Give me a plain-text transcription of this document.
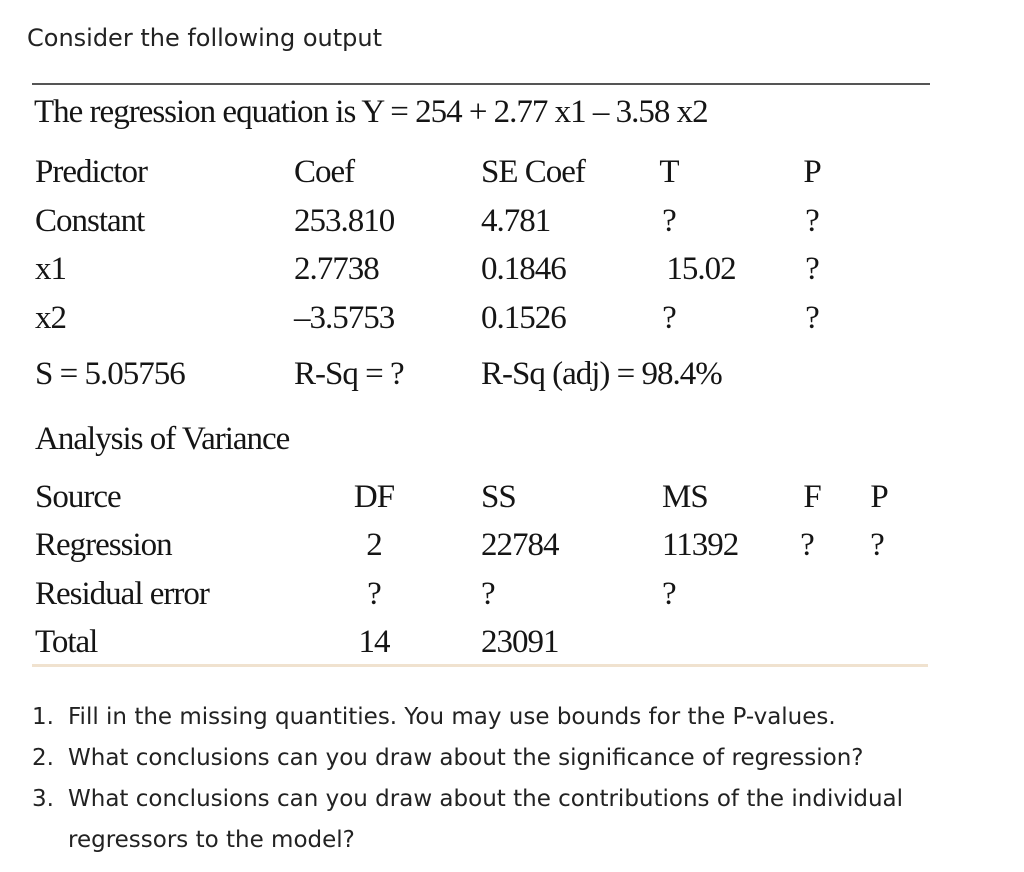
Consider the following output
The regression equation is Y = 254 + 2.77 x1 – 3.58 x2
Predictor	Coef	SE Coef T	P
Constant	253.810	4.781	?	?
x1	2.7738	0.1846	15.02 ?
x2	–3.5753	0.1526	?	?
S = 5.05756	R-Sq = ? R-Sq (adj) = 98.4%
Analysis of Variance
Source	DF	SS	MS	F P
Regression	2	22784	11392 ? ?
Residual error	?	?	?
Total	14	23091
1. Fill in the missing quantities. You may use bounds for the P-values.
2. What conclusions can you draw about the significance of regression?
3. What conclusions can you draw about the contributions of the individual regressors to the model?
